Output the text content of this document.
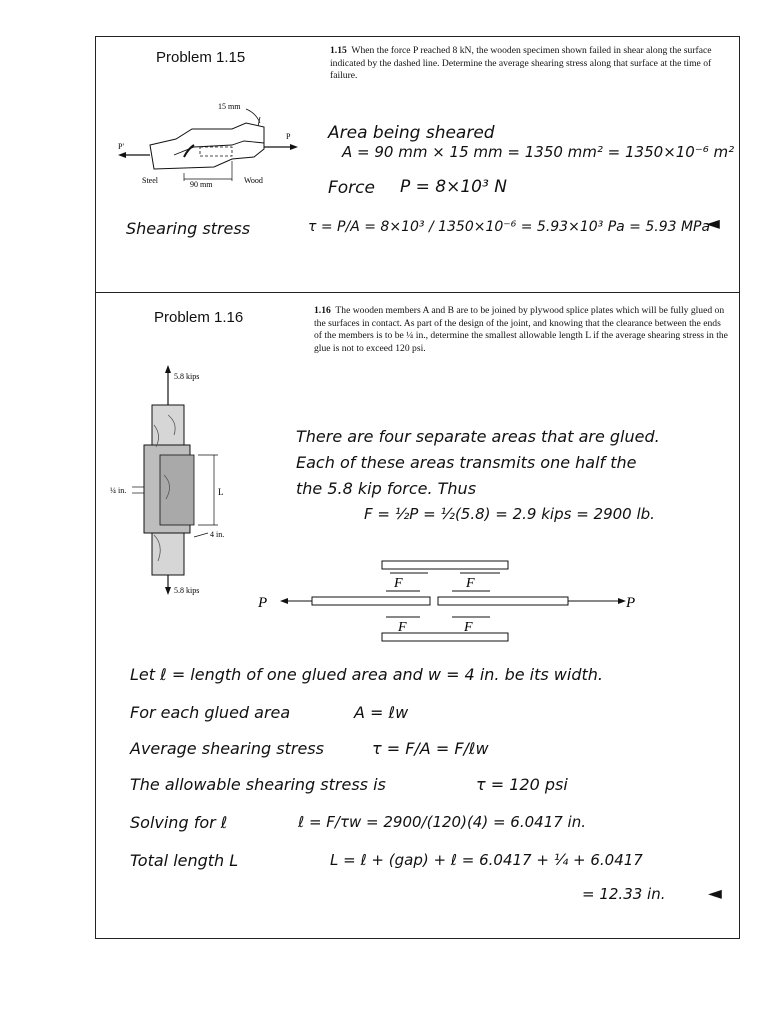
Problem 1.15	1.15 When the force P reached 8 kN, the wooden specimen shown failed in shear along the surface indicated by the dashed line. Determine the average shearing stress along that surface at the time of failure.
15 mm
P'
P
Steel	90 mm	Wood
Area being sheared
A = 90 mm × 15 mm = 1350 mm² = 1350×10⁻⁶ m²
Force P = 8×10³ N
Shearing stress	τ = P/A = 8×10³ / 1350×10⁻⁶ = 5.93×10³ Pa = 5.93 MPa
◄
Problem 1.16	1.16 The wooden members A and B are to be joined by plywood splice plates which will be fully glued on the surfaces in contact. As part of the design of the joint, and knowing that the clearance between the ends of the members is to be ¼ in., determine the smallest allowable length L if the average shearing stress in the glue is not to exceed 120 psi.
5.8 kips
5.8 kips
L
¼ in.
4 in.
There are four separate areas that are glued.
Each of these areas transmits one half the
the 5.8 kip force. Thus
F = ½P = ½(5.8) = 2.9 kips = 2900 lb.
P	P
F	F
F	F
Let ℓ = length of one glued area and w = 4 in. be its width.
For each glued area	A = ℓw
Average shearing stress	τ = F/A = F/ℓw
The allowable shearing stress is	τ = 120 psi
Solving for ℓ	ℓ = F/τw = 2900/(120)(4) = 6.0417 in.
Total length L	L = ℓ + (gap) + ℓ = 6.0417 + ¼ + 6.0417
= 12.33 in. ◄
